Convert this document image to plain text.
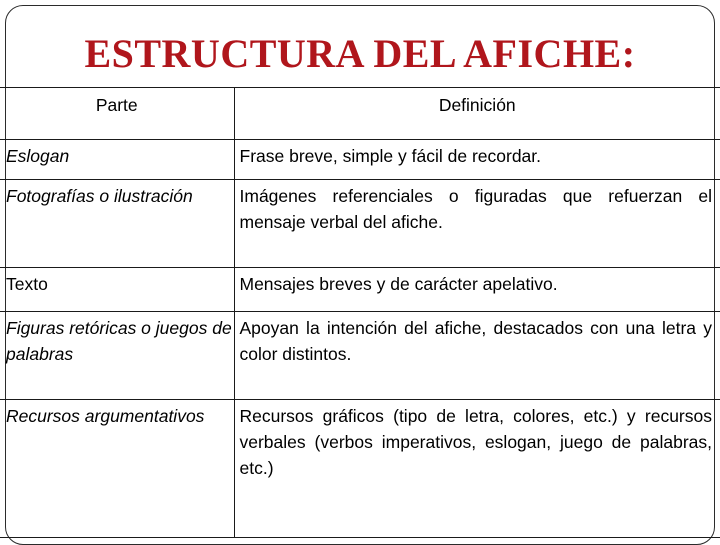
ESTRUCTURA DEL AFICHE:
Parte	Definición
Eslogan	Frase breve, simple y fácil de recordar.
Fotografías o ilustración	Imágenes referenciales o figuradas que refuerzan el mensaje verbal del afiche.
Texto	Mensajes breves y de carácter apelativo.
Figuras retóricas o juegos de palabras	Apoyan la intención del afiche, destacados con una letra y color distintos.
Recursos argumentativos	Recursos gráficos (tipo de letra, colores, etc.) y recursos verbales (verbos imperativos, eslogan, juego de palabras, etc.)
